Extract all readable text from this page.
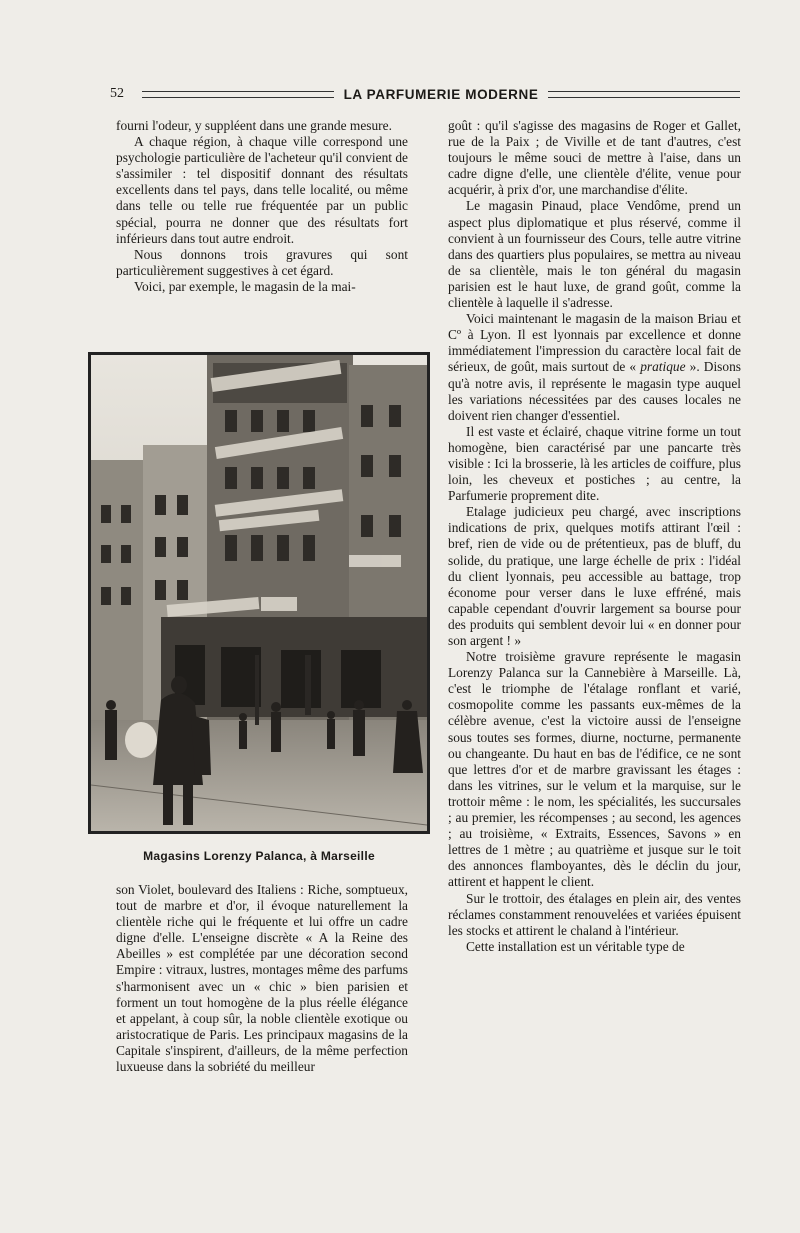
52	LA PARFUMERIE MODERNE

fourni l'odeur, y suppléent dans une grande mesure.

A chaque région, à chaque ville correspond une psychologie particulière de l'acheteur qu'il convient de s'assimiler : tel dispositif donnant des résultats excellents dans tel pays, dans telle localité, ou même dans telle ou telle rue fréquentée par un public spécial, pourra ne donner que des résultats fort inférieurs dans tout autre endroit.

Nous donnons trois gravures qui sont particulièrement suggestives à cet égard.

Voici, par exemple, le magasin de la mai-

Magasins Lorenzy Palanca, à Marseille

son Violet, boulevard des Italiens : Riche, somptueux, tout de marbre et d'or, il évoque naturellement la clientèle riche qui le fréquente et lui offre un cadre digne d'elle. L'enseigne discrète « A la Reine des Abeilles » est complétée par une décoration second Empire : vitraux, lustres, montages même des parfums s'harmonisent avec un « chic » bien parisien et forment un tout homogène de la plus réelle élégance et appelant, à coup sûr, la noble clientèle exotique ou aristocratique de Paris. Les principaux magasins de la Capitale s'inspirent, d'ailleurs, de la même perfection luxueuse dans la sobriété du meilleur

goût : qu'il s'agisse des magasins de Roger et Gallet, rue de la Paix ; de Viville et de tant d'autres, c'est toujours le même souci de mettre à l'aise, dans un cadre digne d'elle, une clientèle d'élite, venue pour acquérir, à prix d'or, une marchandise d'élite.

Le magasin Pinaud, place Vendôme, prend un aspect plus diplomatique et plus réservé, comme il convient à un fournisseur des Cours, telle autre vitrine dans des quartiers plus populaires, se mettra au niveau de sa clientèle, mais le ton général du magasin parisien est le haut luxe, de grand goût, comme la clientèle à laquelle il s'adresse.

Voici maintenant le magasin de la maison Briau et Cº à Lyon. Il est lyonnais par excellence et donne immédiatement l'impression du caractère local fait de sérieux, de goût, mais surtout de « pratique ». Disons qu'à notre avis, il représente le magasin type auquel les variations nécessitées par des causes locales ne doivent rien changer d'essentiel.

Il est vaste et éclairé, chaque vitrine forme un tout homogène, bien caractérisé par une pancarte très visible : Ici la brosserie, là les articles de coiffure, plus loin, les cheveux et postiches ; au centre, la Parfumerie proprement dite.

Etalage judicieux peu chargé, avec inscriptions indications de prix, quelques motifs attirant l'œil : bref, rien de vide ou de prétentieux, pas de bluff, du solide, du pratique, une large échelle de prix : l'idéal du client lyonnais, peu accessible au battage, trop économe pour verser dans le luxe effréné, mais capable cependant d'ouvrir largement sa bourse pour des produits qui semblent devoir lui « en donner pour son argent ! »

Notre troisième gravure représente le magasin Lorenzy Palanca sur la Cannebière à Marseille. Là, c'est le triomphe de l'étalage ronflant et varié, cosmopolite comme les passants eux-mêmes de la célèbre avenue, c'est la victoire aussi de l'enseigne sous toutes ses formes, diurne, nocturne, permanente ou changeante. Du haut en bas de l'édifice, ce ne sont que lettres d'or et de marbre gravissant les étages : dans les vitrines, sur le velum et la marquise, sur le trottoir même : le nom, les spécialités, les succursales ; au premier, les récompenses ; au second, les agences ; au troisième, « Extraits, Essences, Savons » en lettres de 1 mètre ; au quatrième et jusque sur le toit des annonces flamboyantes, dès le déclin du jour, attirent et happent le client.

Sur le trottoir, des étalages en plein air, des ventes réclames constamment renouvelées et variées épuisent les stocks et attirent le chaland à l'intérieur.

Cette installation est un véritable type de
